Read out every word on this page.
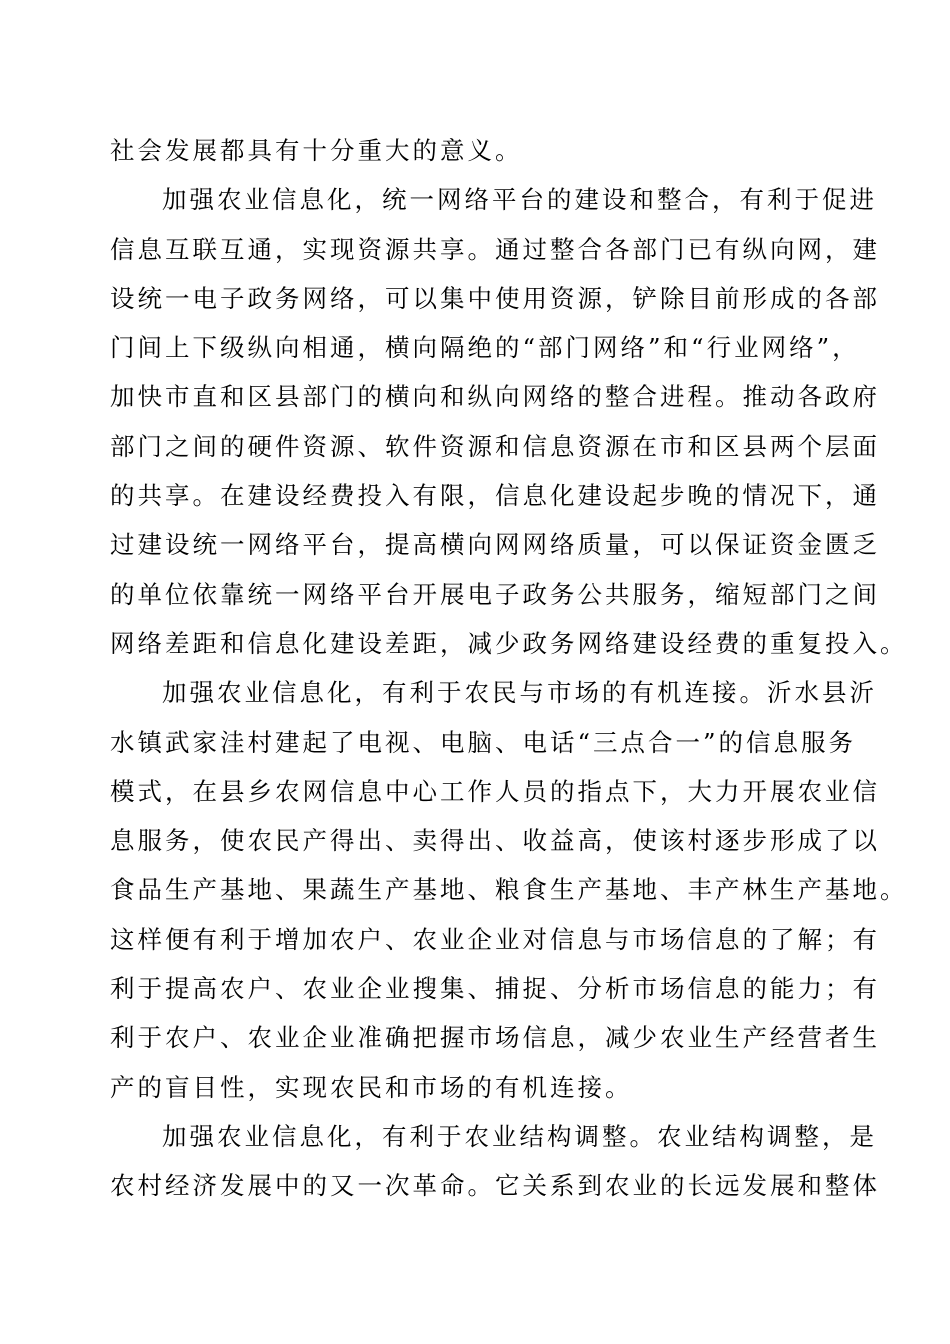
社会发展都具有十分重大的意义。
加强农业信息化，统一网络平台的建设和整合，有利于促进
信息互联互通，实现资源共享。通过整合各部门已有纵向网，建
设统一电子政务网络，可以集中使用资源，铲除目前形成的各部
门间上下级纵向相通，横向隔绝的“部门网络”和“行业网络”，
加快市直和区县部门的横向和纵向网络的整合进程。推动各政府
部门之间的硬件资源、软件资源和信息资源在市和区县两个层面
的共享。在建设经费投入有限，信息化建设起步晚的情况下，通
过建设统一网络平台，提高横向网网络质量，可以保证资金匮乏
的单位依靠统一网络平台开展电子政务公共服务，缩短部门之间
网络差距和信息化建设差距，减少政务网络建设经费的重复投入。
加强农业信息化，有利于农民与市场的有机连接。沂水县沂
水镇武家洼村建起了电视、电脑、电话“三点合一”的信息服务
模式，在县乡农网信息中心工作人员的指点下，大力开展农业信
息服务，使农民产得出、卖得出、收益高，使该村逐步形成了以
食品生产基地、果蔬生产基地、粮食生产基地、丰产林生产基地。
这样便有利于增加农户、农业企业对信息与市场信息的了解；有
利于提高农户、农业企业搜集、捕捉、分析市场信息的能力；有
利于农户、农业企业准确把握市场信息，减少农业生产经营者生
产的盲目性，实现农民和市场的有机连接。
加强农业信息化，有利于农业结构调整。农业结构调整，是
农村经济发展中的又一次革命。它关系到农业的长远发展和整体
